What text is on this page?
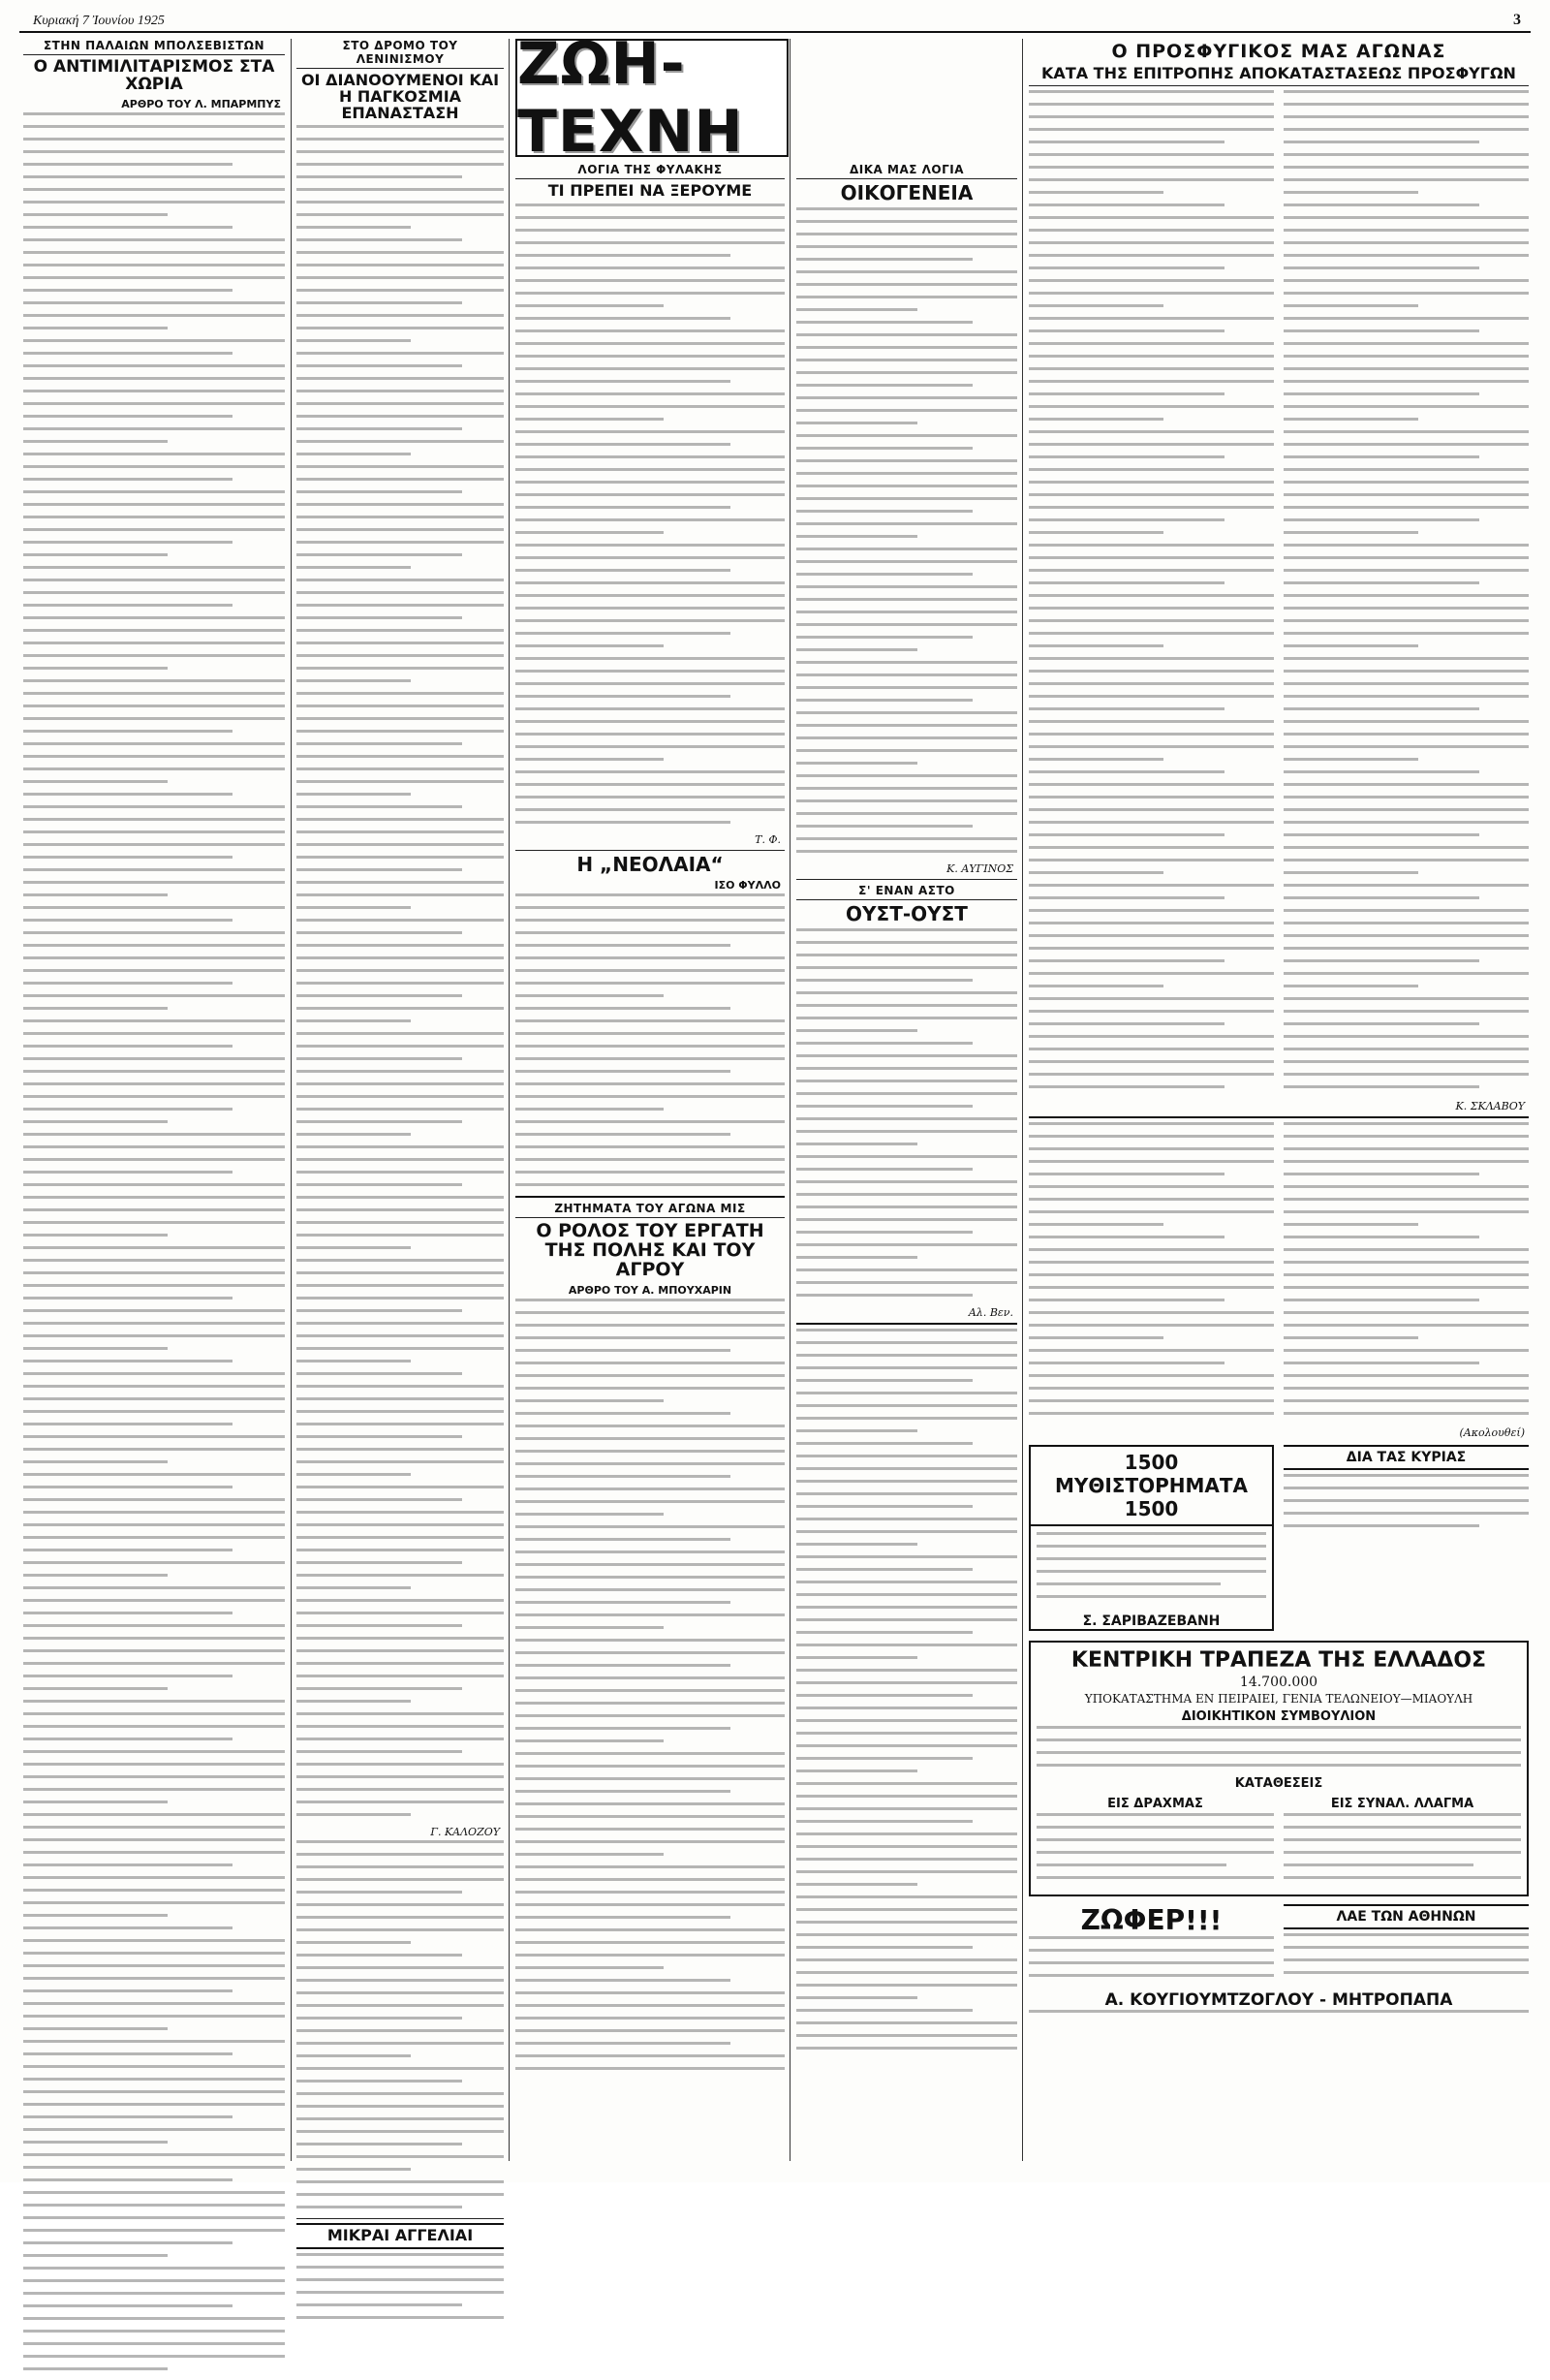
Κυριακή 7 Ἰουνίου 1925	3
ΣΤΗΝ ΠΑΛΑΙΩΝ ΜΠΟΛΣΕΒΙΣΤΩΝ
Ο ΑΝΤΙΜΙΛΙΤΑΡΙΣΜΟΣ ΣΤΑ ΧΩΡΙΑ
ΑΡΘΡΟ ΤΟΥ Λ. ΜΠΑΡΜΠΥΣ
ΣΤΟ ΔΡΟΜΟ ΤΟΥ ΛΕΝΙΝΙΣΜΟΥ
ΟΙ ΔΙΑΝΟΟΥΜΕΝΟΙ ΚΑΙ Η ΠΑΓΚΟΣΜΙΑ ΕΠΑΝΑΣΤΑΣΗ
Γ. ΚΑΛΟΖΟΥ
ΜΙΚΡΑΙ ΑΓΓΕΛΙΑΙ
ΖΩΗ-ΤΕΧΝΗ
ΛΟΓΙΑ ΤΗΣ ΦΥΛΑΚΗΣ
ΤΙ ΠΡΕΠΕΙ ΝΑ ΞΕΡΟΥΜΕ
Τ. Φ.
Η „ΝΕΟΛΑΙΑ“
ΙΣΟ ΦΥΛΛΟ
ΖΗΤΗΜΑΤΑ ΤΟΥ ΑΓΩΝΑ ΜΙΣ
Ο ΡΟΛΟΣ ΤΟΥ ΕΡΓΑΤΗ ΤΗΣ ΠΟΛΗΣ ΚΑΙ ΤΟΥ ΑΓΡΟΥ
ΑΡΘΡΟ ΤΟΥ Α. ΜΠΟΥΧΑΡΙΝ
ΔΙΚΑ ΜΑΣ ΛΟΓΙΑ
ΟΙΚΟΓΕΝΕΙΑ
Κ. ΑΥΓΙΝΟΣ
Σ' ΕΝΑΝ ΑΣΤΟ
ΟΥΣΤ-ΟΥΣΤ
Αλ. Βεν.
Ο ΠΡΟΣΦΥΓΙΚΟΣ ΜΑΣ ΑΓΩΝΑΣ
ΚΑΤΑ ΤΗΣ ΕΠΙΤΡΟΠΗΣ ΑΠΟΚΑΤΑΣΤΑΣΕΩΣ ΠΡΟΣΦΥΓΩΝ
Κ. ΣΚΛΑΒΟΥ
(Ακολουθεί)
1500 ΜΥΘΙΣΤΟΡΗΜΑΤΑ 1500
Σ. ΣΑΡΙΒΑΖΕΒΑΝΗ
ΔΙΑ ΤΑΣ ΚΥΡΙΑΣ
ΚΕΝΤΡΙΚΗ ΤΡΑΠΕΖΑ ΤΗΣ ΕΛΛΑΔΟΣ
14.700.000
ΥΠΟΚΑΤΑΣΤΗΜΑ ΕΝ ΠΕΙΡΑΙΕΙ, ΓΕΝΙΑ ΤΕΛΩΝΕΙΟΥ—ΜΙΑΟΥΛΗ
ΔΙΟΙΚΗΤΙΚΟΝ ΣΥΜΒΟΥΛΙΟΝ
ΚΑΤΑΘΕΣΕΙΣ
ΕΙΣ ΔΡΑΧΜΑΣ	ΕΙΣ ΣΥΝΑΛ. ΛΛΑΓΜΑ
ΖΩΦΕΡ!!!	ΛΑΕ ΤΩΝ ΑΘΗΝΩΝ
Α. ΚΟΥΓΙΟΥΜΤΖΟΓΛΟΥ - ΜΗΤΡΟΠΑΠΑ
